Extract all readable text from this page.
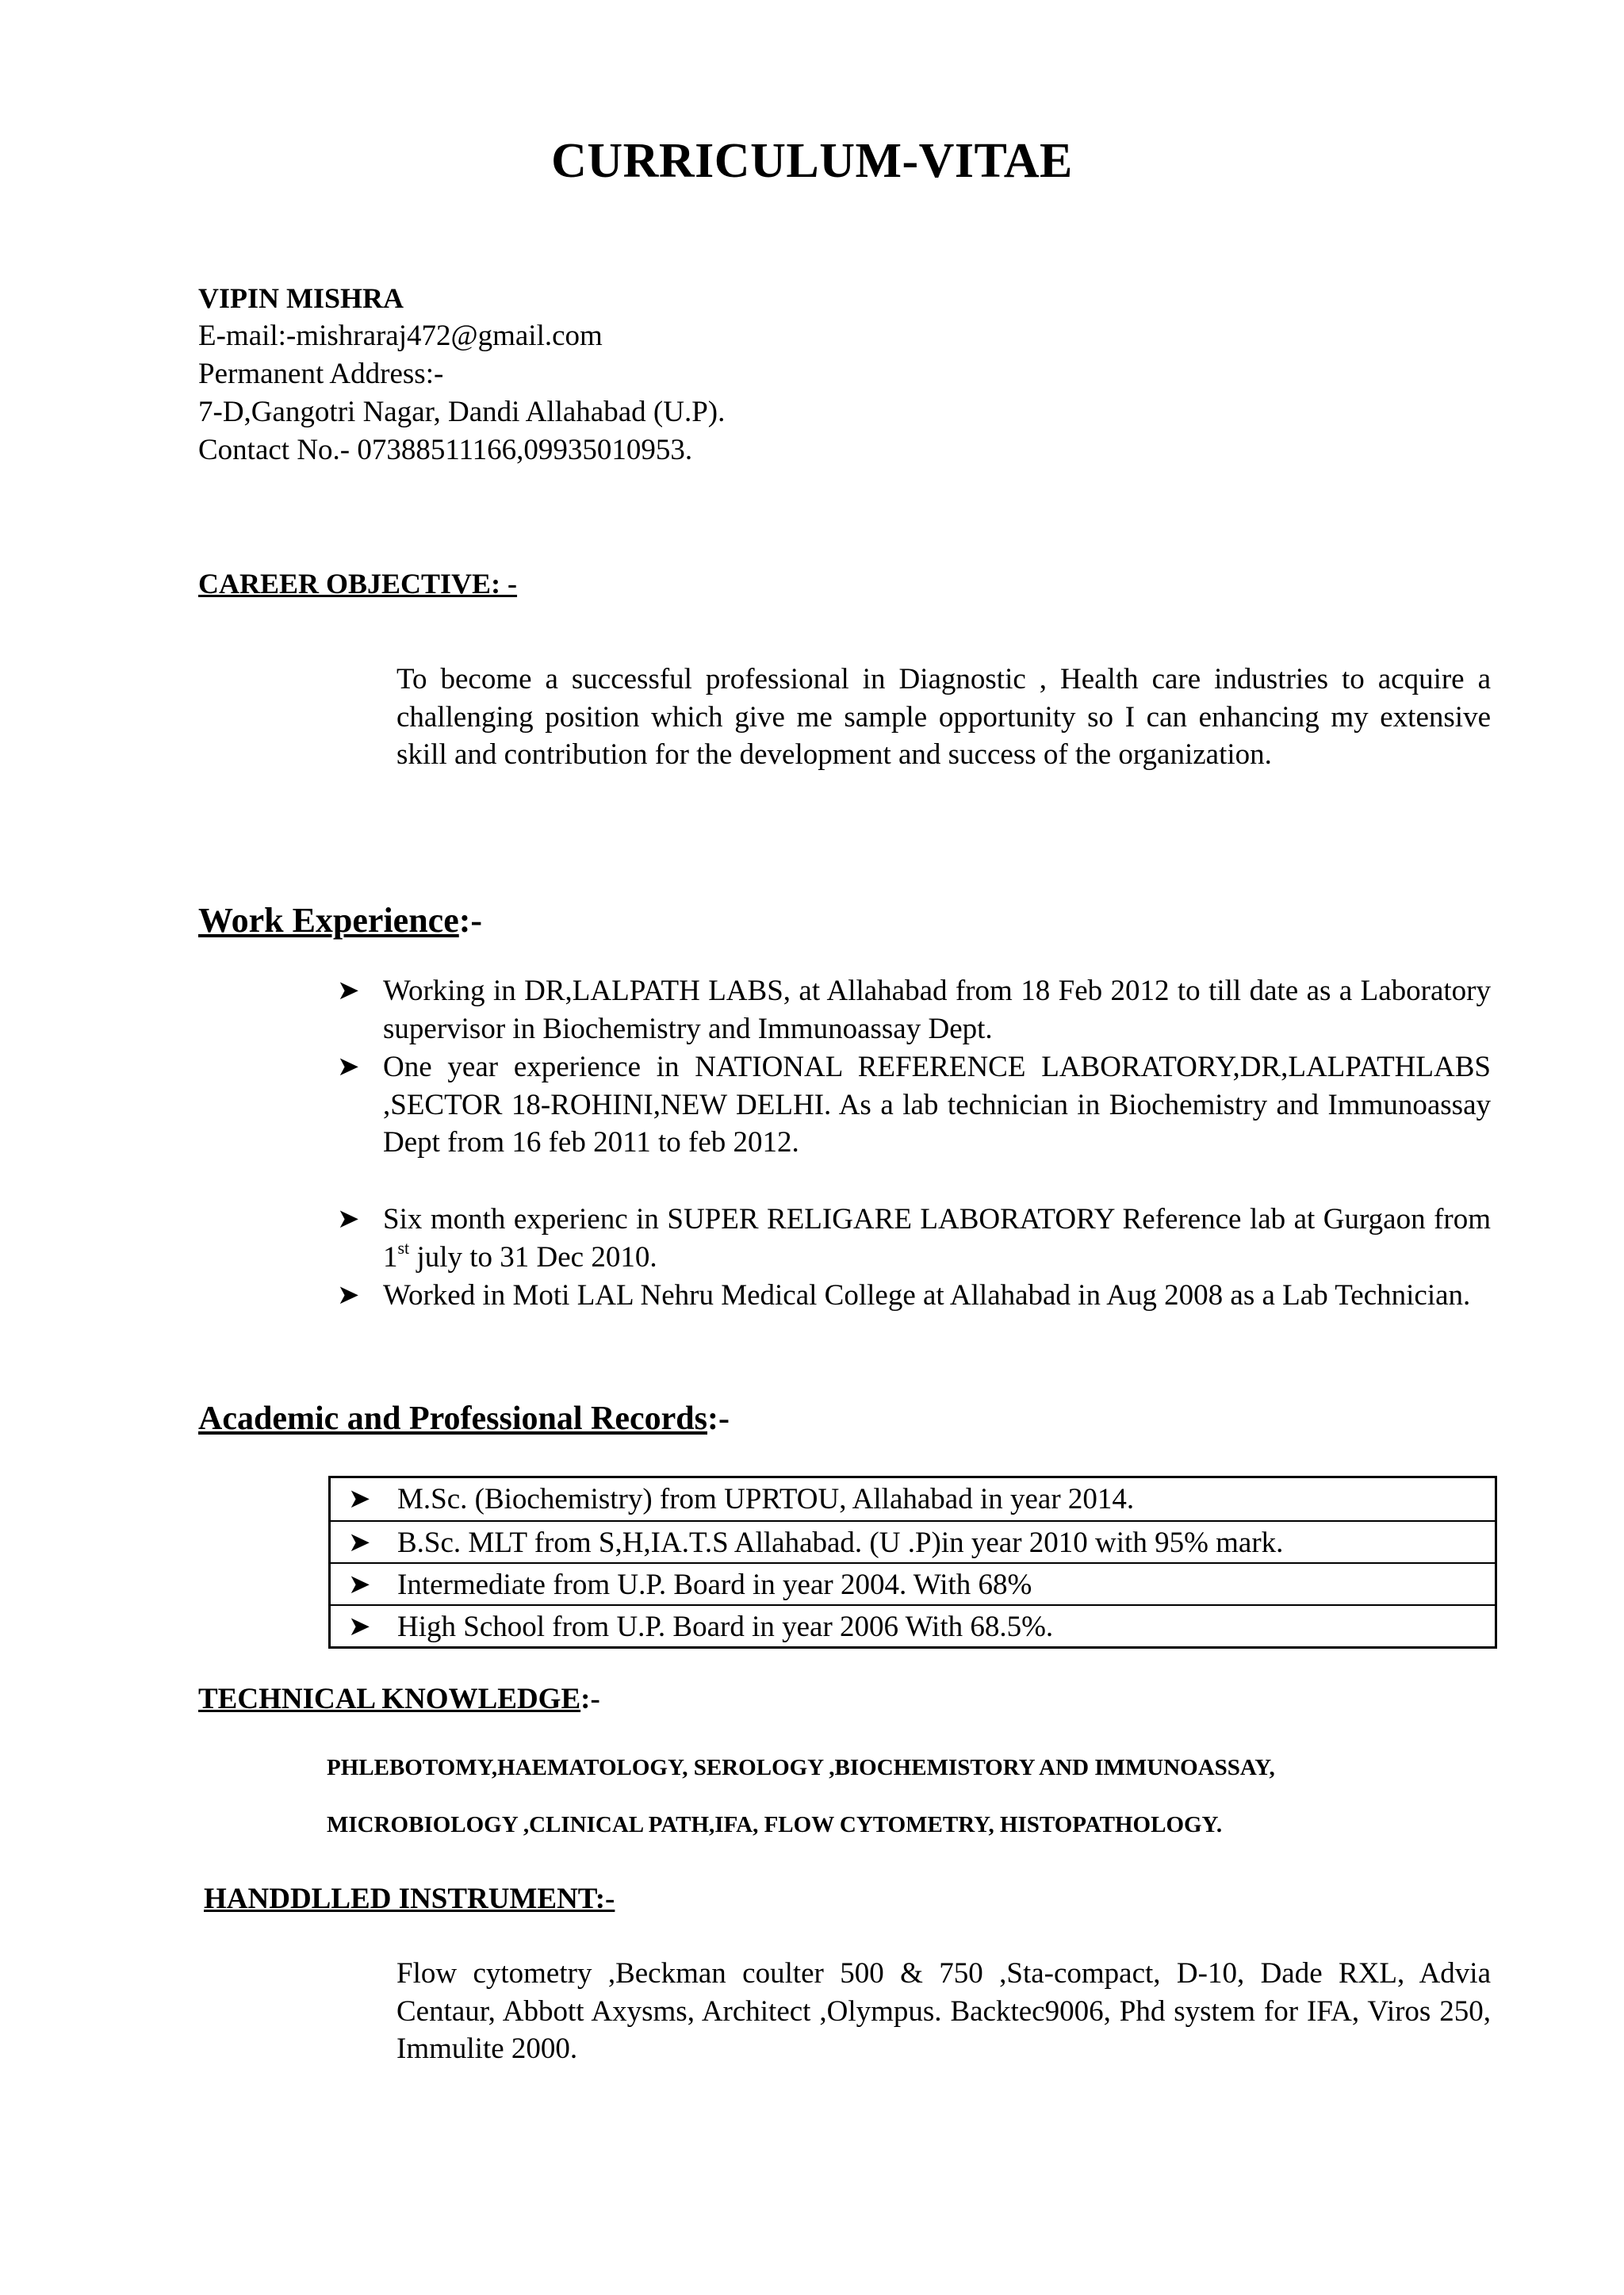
CURRICULUM-VITAE
VIPIN MISHRA
E-mail:-mishraraj472@gmail.com
Permanent Address:-
7-D,Gangotri Nagar, Dandi Allahabad (U.P).
Contact No.- 07388511166,09935010953.
CAREER OBJECTIVE: -
To become a successful professional in Diagnostic , Health care industries to acquire a challenging position which give me sample opportunity so I can enhancing my extensive skill and contribution for the development and success of the organization.
Work Experience:-
➤ Working in DR,LALPATH LABS, at Allahabad from 18 Feb 2012 to till date as a Laboratory supervisor in Biochemistry and Immunoassay Dept.
➤ One year experience in NATIONAL REFERENCE LABORATORY,DR,LALPATHLABS ,SECTOR 18-ROHINI,NEW DELHI. As a lab technician in Biochemistry and Immunoassay Dept from 16 feb 2011 to feb 2012.
➤ Six month experienc in SUPER RELIGARE LABORATORY Reference lab at Gurgaon from 1st july to 31 Dec 2010.
➤ Worked in Moti LAL Nehru Medical College at Allahabad in Aug 2008 as a Lab Technician.
Academic and Professional Records:-
➤ M.Sc. (Biochemistry) from UPRTOU, Allahabad in year 2014.
➤ B.Sc. MLT from S,H,IA.T.S Allahabad. (U .P)in year 2010 with 95% mark.
➤ Intermediate from U.P. Board in year 2004. With 68%
➤ High School from U.P. Board in year 2006 With 68.5%.
TECHNICAL KNOWLEDGE:-
PHLEBOTOMY,HAEMATOLOGY, SEROLOGY ,BIOCHEMISTORY AND IMMUNOASSAY,
MICROBIOLOGY ,CLINICAL PATH,IFA, FLOW CYTOMETRY, HISTOPATHOLOGY.
HANDDLLED INSTRUMENT:-
Flow cytometry ,Beckman coulter 500 & 750 ,Sta-compact, D-10, Dade RXL, Advia Centaur, Abbott Axysms, Architect ,Olympus. Backtec9006, Phd system for IFA, Viros 250, Immulite 2000.
